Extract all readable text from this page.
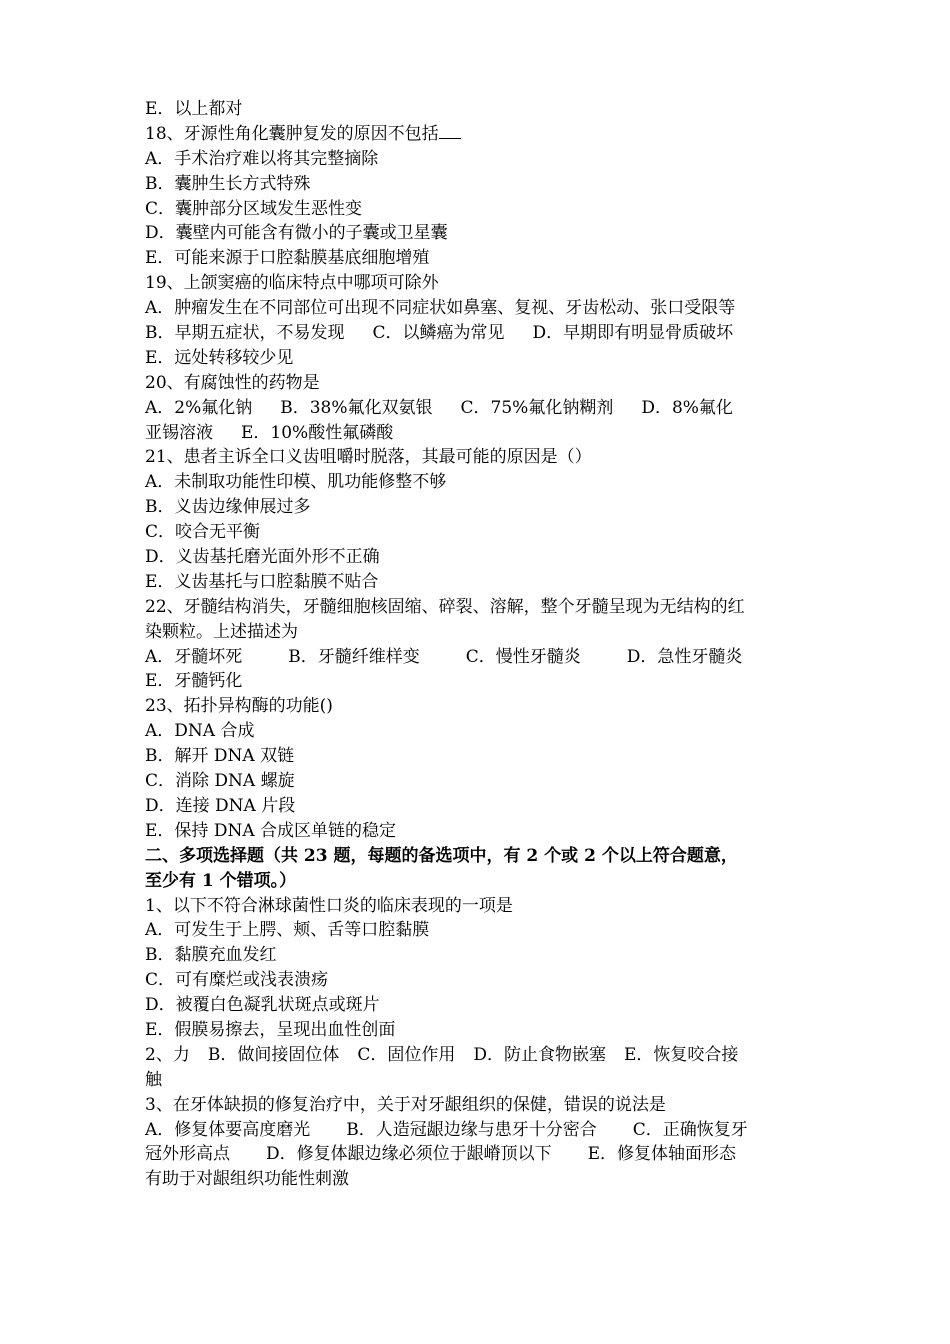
E．以上都对
18、牙源性角化囊肿复发的原因不包括
A．手术治疗难以将其完整摘除
B．囊肿生长方式特殊
C．囊肿部分区域发生恶性变
D．囊壁内可能含有微小的子囊或卫星囊
E．可能来源于口腔黏膜基底细胞增殖
19、上颌窦癌的临床特点中哪项可除外
A．肿瘤发生在不同部位可出现不同症状如鼻塞、复视、牙齿松动、张口受限等
B．早期五症状，不易发现 C．以鳞癌为常见 D．早期即有明显骨质破坏
E．远处转移较少见
20、有腐蚀性的药物是
A．2%氟化钠 B．38%氟化双氨银 C．75%氟化钠糊剂 D．8%氟化
亚锡溶液 E．10%酸性氟磷酸
21、患者主诉全口义齿咀嚼时脱落，其最可能的原因是（）
A．未制取功能性印模、肌功能修整不够
B．义齿边缘伸展过多
C．咬合无平衡
D．义齿基托磨光面外形不正确
E．义齿基托与口腔黏膜不贴合
22、牙髓结构消失，牙髓细胞核固缩、碎裂、溶解，整个牙髓呈现为无结构的红
染颗粒。上述描述为
A．牙髓坏死	B．牙髓纤维样变	C．慢性牙髓炎	D．急性牙髓炎
E．牙髓钙化
23、拓扑异构酶的功能()
A．DNA 合成
B．解开 DNA 双链
C．消除 DNA 螺旋
D．连接 DNA 片段
E．保持 DNA 合成区单链的稳定
二、多项选择题（共 23 题，每题的备选项中，有 2 个或 2 个以上符合题意，
至少有 1 个错项。）
1、以下不符合淋球菌性口炎的临床表现的一项是
A．可发生于上腭、颊、舌等口腔黏膜
B．黏膜充血发红
C．可有糜烂或浅表溃疡
D．被覆白色凝乳状斑点或斑片
E．假膜易擦去，呈现出血性创面
2、力 B．做间接固位体 C．固位作用 D．防止食物嵌塞 E．恢复咬合接
触
3、在牙体缺损的修复治疗中，关于对牙龈组织的保健，错误的说法是
A．修复体要高度磨光 B．人造冠龈边缘与患牙十分密合 C．正确恢复牙
冠外形高点 D．修复体龈边缘必须位于龈嵴顶以下 E．修复体轴面形态
有助于对龈组织功能性刺激
